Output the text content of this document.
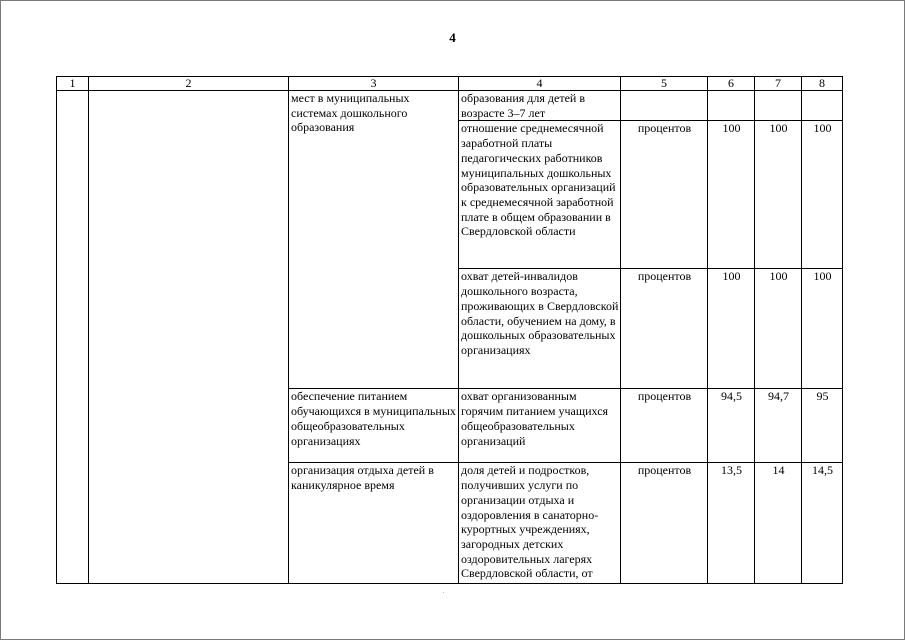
4
1	2	3	4	5	6	7	8
		мест в муниципальных системах дошкольного образования	образования для детей в возрасте 3–7 лет				
			отношение среднемесячной заработной платы педагогических работников муниципальных дошкольных образовательных организаций к среднемесячной заработной плате в общем образовании в Свердловской области	процентов	100	100	100
			охват детей-инвалидов дошкольного возраста, проживающих в Свердловской области, обучением на дому, в дошкольных образовательных организациях	процентов	100	100	100
		обеспечение питанием обучающихся в муниципальных общеобразовательных организациях	охват организованным горячим питанием учащихся общеобразовательных организаций	процентов	94,5	94,7	95
		организация отдыха детей в каникулярное время	доля детей и подростков, получивших услуги по организации отдыха и оздоровления в санаторно-курортных учреждениях, загородных детских оздоровительных лагерях Свердловской области, от	процентов	13,5	14	14,5
